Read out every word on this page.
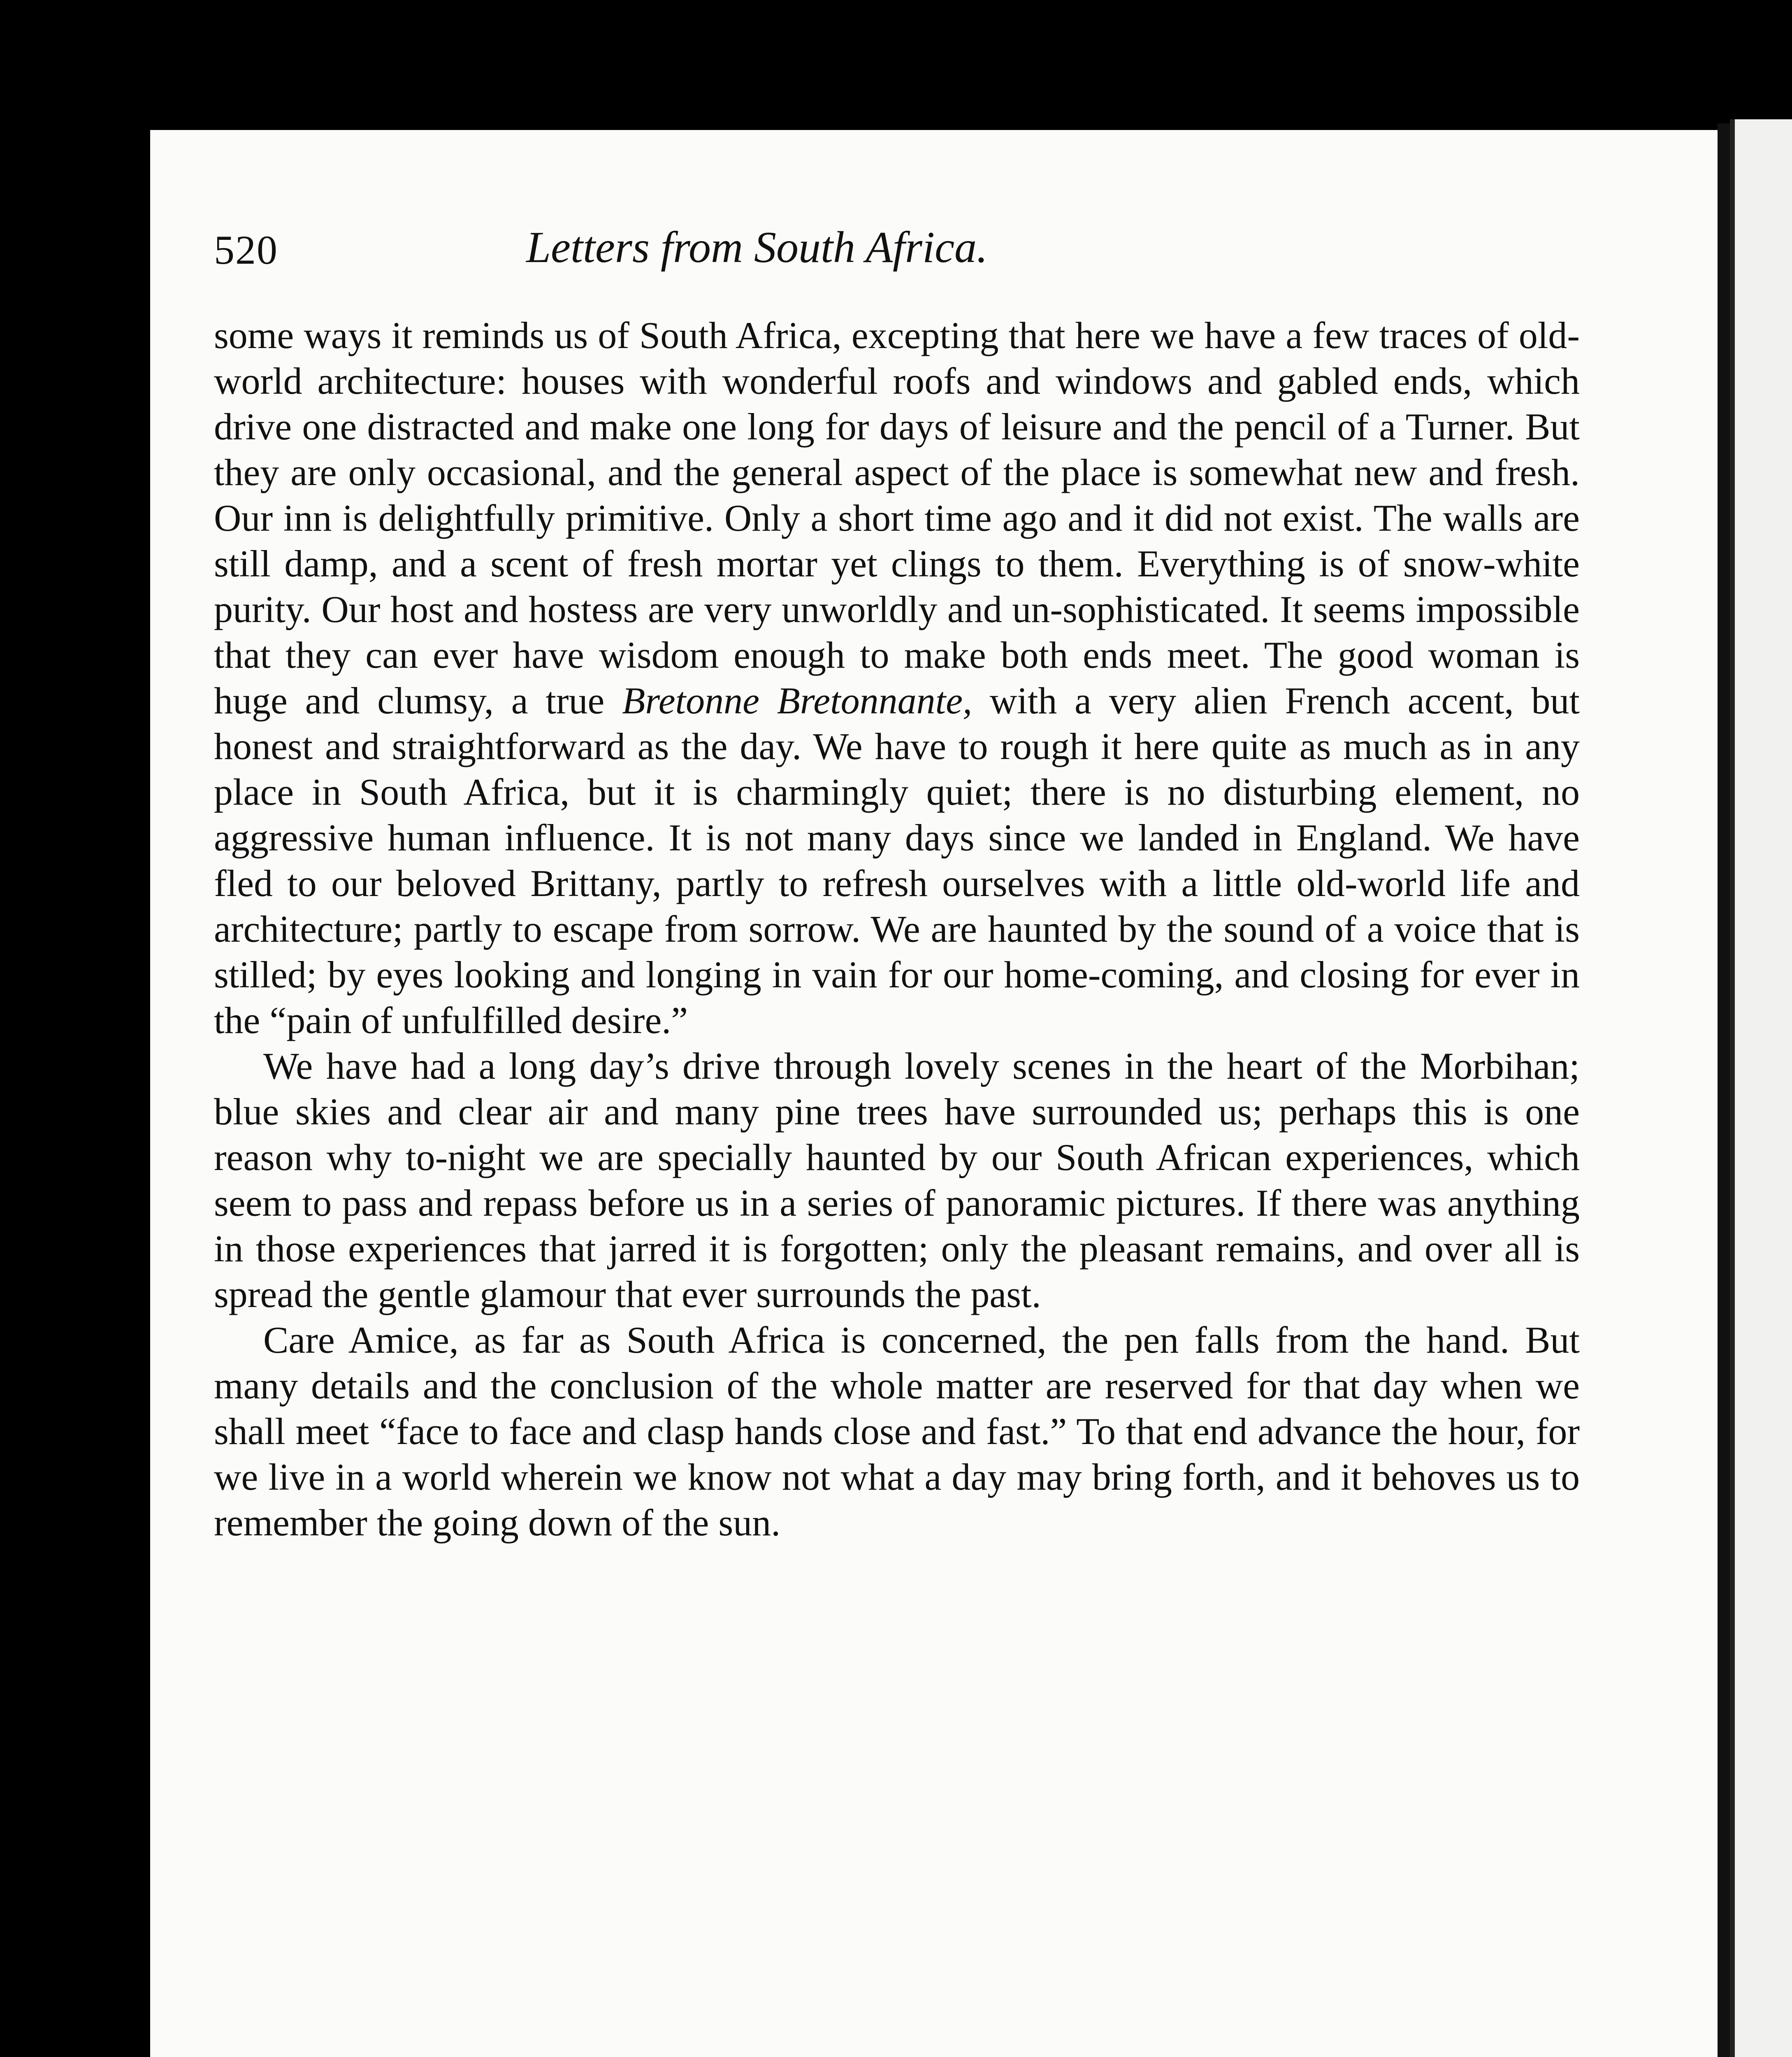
520	Letters from South Africa.

some ways it reminds us of South Africa, excepting that here we have a few traces of old-world architecture: houses with wonderful roofs and windows and gabled ends, which drive one distracted and make one long for days of leisure and the pencil of a Turner. But they are only occasional, and the general aspect of the place is somewhat new and fresh. Our inn is delightfully primitive. Only a short time ago and it did not exist. The walls are still damp, and a scent of fresh mortar yet clings to them. Everything is of snow-white purity. Our host and hostess are very unworldly and un-sophisticated. It seems impossible that they can ever have wisdom enough to make both ends meet. The good woman is huge and clumsy, a true Bretonne Bretonnante, with a very alien French accent, but honest and straightforward as the day. We have to rough it here quite as much as in any place in South Africa, but it is charmingly quiet; there is no disturbing element, no aggressive human influence. It is not many days since we landed in England. We have fled to our beloved Brittany, partly to refresh ourselves with a little old-world life and architecture; partly to escape from sorrow. We are haunted by the sound of a voice that is stilled; by eyes looking and longing in vain for our home-coming, and closing for ever in the “pain of unfulfilled desire.”

We have had a long day’s drive through lovely scenes in the heart of the Morbihan; blue skies and clear air and many pine trees have surrounded us; perhaps this is one reason why to-night we are specially haunted by our South African experiences, which seem to pass and repass before us in a series of panoramic pictures. If there was anything in those experiences that jarred it is forgotten; only the pleasant remains, and over all is spread the gentle glamour that ever surrounds the past.

Care Amice, as far as South Africa is concerned, the pen falls from the hand. But many details and the conclusion of the whole matter are reserved for that day when we shall meet “face to face and clasp hands close and fast.” To that end advance the hour, for we live in a world wherein we know not what a day may bring forth, and it behoves us to remember the going down of the sun.
